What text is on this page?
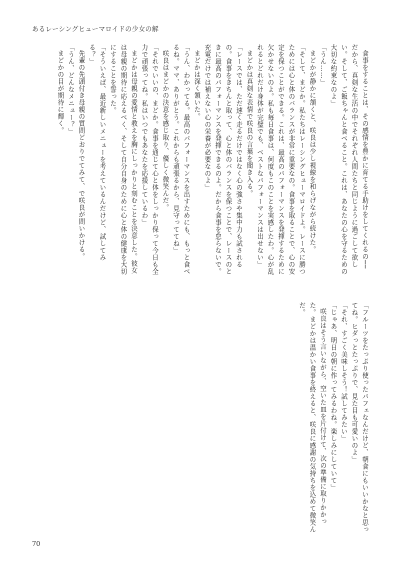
あるレーシングヒューマロイドの少女の解

食事をすることは、その感情を豊かに育てる手助けをしてくれるの──だから、真剣な生活の中でそれぞれ人間たちと同じように過ごして欲しい。そして、ご飯ちゃんと食べること。これは、あなたの心を守るための大切な約束なのよ」

「うん……」

まどかが静かに頷くと、咲良は少し視線を和らげながら続けた。

「そして、まどか。私たちはレーシングヒューマロイドよ。レースに勝つためには心と体のバランスが非常に重要なの。食事を取ることで、心の安定を保つことができる。これは、最高のパフォーマンスを発揮するために欠かせないのよ。私も毎日食事は、何度もこのことを実感したわ。心が乱れるとどれだけ身体が完璧でも、ベストなパフォーマンスは出せない」

まどかは真剣な表情で咲良の言葉を聞き入る。

「レースでは、ただ速く走るだけではなく心の強さや集中力も試されるの。食事をきちんと取って、心と体のバランスを保つことで、レースのときに最高のパフォーマンスを発揮できるのよ。だから食事を怠らないで。充電だけでは補えない心の栄養が必要なのよ」

まどかは深く頷いた。

「うん、わかってる。最高のパフォーマンスを出すためにも、もっと食べるね。ママ、ありがとう。これからも頑張るから、見守っててね」

咲良はまどかの決意を感じ取り、優しく微笑んだ。

「それでいいの、まどか。食事を通じて心と体をしっかり保って今日も全力で頑張ってね。私はいつでもあなたを応援しているわ」

まどかは母親の愛情と教えを胸にしっかりと刻むことを決意した。彼女は母親の期待に応えるべく、そして自分自身のために心と体の健康を大切にすることを誓った。

「そういえば、最近新しいメニューを考えているんだけど、試してみる？」

先輩の先頭付き母親の質問どおりでてみて、で咲良が問いかける。

「うん、どんなメニュー？」

まどかの目が期待に輝く。

「フルーツをたっぷり使ったパフェなんだけど、朝食にもいいかなと思ってね。ヒダっとたっぷりで、見た目も可愛いのよ」

「それ、すごく美味しそう！試してみたい」

「じゃあ、明日の朝に作ってみるわね。楽しみにしていて」

咲良はそう言いながら、空いた皿を片付けて、次の準備に取りかかった。まどかは温かい食事を終えると、咲良に感謝の気持ちを込めて微笑んだ。

70
